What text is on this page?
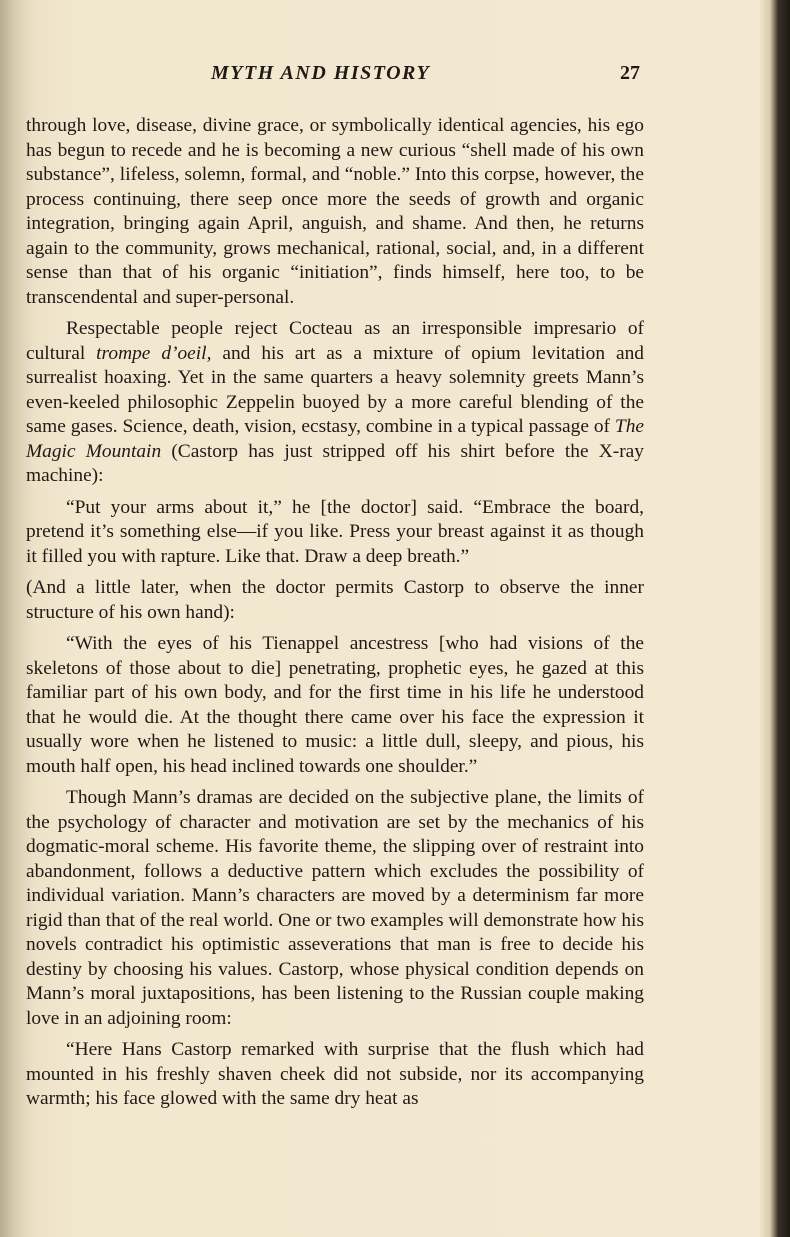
MYTH AND HISTORY	27

through love, disease, divine grace, or symbolically identical agencies, his ego has begun to recede and he is becoming a new curious “shell made of his own substance”, lifeless, solemn, formal, and “noble.” Into this corpse, however, the process continuing, there seep once more the seeds of growth and organic integration, bringing again April, anguish, and shame. And then, he returns again to the community, grows mechanical, rational, social, and, in a different sense than that of his organic “initiation”, finds himself, here too, to be transcendental and super-personal.

Respectable people reject Cocteau as an irresponsible impresario of cultural trompe d’oeil, and his art as a mixture of opium levitation and surrealist hoaxing. Yet in the same quarters a heavy solemnity greets Mann’s even-keeled philosophic Zeppelin buoyed by a more careful blending of the same gases. Science, death, vision, ecstasy, combine in a typical passage of The Magic Mountain (Castorp has just stripped off his shirt before the X-ray machine):

“Put your arms about it,” he [the doctor] said. “Embrace the board, pretend it’s something else—if you like. Press your breast against it as though it filled you with rapture. Like that. Draw a deep breath.”

(And a little later, when the doctor permits Castorp to observe the inner structure of his own hand):

“With the eyes of his Tienappel ancestress [who had visions of the skeletons of those about to die] penetrating, prophetic eyes, he gazed at this familiar part of his own body, and for the first time in his life he understood that he would die. At the thought there came over his face the expression it usually wore when he listened to music: a little dull, sleepy, and pious, his mouth half open, his head inclined towards one shoulder.”

Though Mann’s dramas are decided on the subjective plane, the limits of the psychology of character and motivation are set by the mechanics of his dogmatic-moral scheme. His favorite theme, the slipping over of restraint into abandonment, follows a deductive pattern which excludes the possibility of individual variation. Mann’s characters are moved by a determinism far more rigid than that of the real world. One or two examples will demonstrate how his novels contradict his optimistic asseverations that man is free to decide his destiny by choosing his values. Castorp, whose physical condition depends on Mann’s moral juxtapositions, has been listening to the Russian couple making love in an adjoining room:

“Here Hans Castorp remarked with surprise that the flush which had mounted in his freshly shaven cheek did not subside, nor its accompanying warmth; his face glowed with the same dry heat as
